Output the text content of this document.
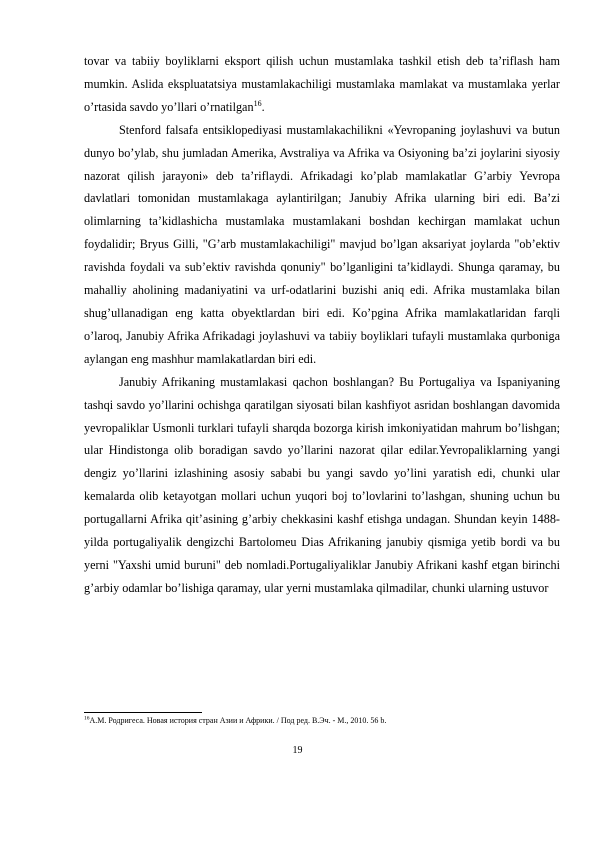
tovar va tabiiy boyliklarni eksport qilish uchun mustamlaka tashkil etish deb ta’riflash ham mumkin. Aslida ekspluatatsiya mustamlakachiligi mustamlaka mamlakat va mustamlaka yerlar o’rtasida savdo yo’llari o’rnatilgan$^{16}$.

Stenford falsafa entsiklopediyasi mustamlakachilikni «Yevropaning joylashuvi va butun dunyo bo’ylab, shu jumladan Amerika, Avstraliya va Afrika va Osiyoning ba’zi joylarini siyosiy nazorat qilish jarayoni» deb ta’riflaydi. Afrikadagi ko’plab mamlakatlar G’arbiy Yevropa davlatlari tomonidan mustamlakaga aylantirilgan; Janubiy Afrika ularning biri edi. Ba’zi olimlarning ta’kidlashicha mustamlaka mustamlakani boshdan kechirgan mamlakat uchun foydalidir; Bryus Gilli, "G’arb mustamlakachiligi" mavjud bo’lgan aksariyat joylarda "ob’ektiv ravishda foydali va sub’ektiv ravishda qonuniy" bo’lganligini ta’kidlaydi. Shunga qaramay, bu mahalliy aholining madaniyatini va urf-odatlarini buzishi aniq edi. Afrika mustamlaka bilan shug’ullanadigan eng katta obyektlardan biri edi. Ko’pgina Afrika mamlakatlaridan farqli o’laroq, Janubiy Afrika Afrikadagi joylashuvi va tabiiy boyliklari tufayli mustamlaka qurboniga aylangan eng mashhur mamlakatlardan biri edi.

Janubiy Afrikaning mustamlakasi qachon boshlangan? Bu Portugaliya va Ispaniyaning tashqi savdo yo’llarini ochishga qaratilgan siyosati bilan kashfiyot asridan boshlangan davomida yevropaliklar Usmonli turklari tufayli sharqda bozorga kirish imkoniyatidan mahrum bo’lishgan; ular Hindistonga olib boradigan savdo yo’llarini nazorat qilar edilar.Yevropaliklarning yangi dengiz yo’llarini izlashining asosiy sababi bu yangi savdo yo’lini yaratish edi, chunki ular kemalarda olib ketayotgan mollari uchun yuqori boj to’lovlarini to’lashgan, shuning uchun bu portugallarni Afrika qit’asining g’arbiy chekkasini kashf etishga undagan. Shundan keyin 1488-yilda portugaliyalik dengizchi Bartolomeu Dias Afrikaning janubiy qismiga yetib bordi va bu yerni "Yaxshi umid buruni" deb nomladi.Portugaliyaliklar Janubiy Afrikani kashf etgan birinchi g’arbiy odamlar bo’lishiga qaramay, ular yerni mustamlaka qilmadilar, chunki ularning ustuvor

$^{16}$А.М. Родригеса. Новая история стран Азии и Африки. / Под ред. В.Эч. - М., 2010. 56 b.
19
